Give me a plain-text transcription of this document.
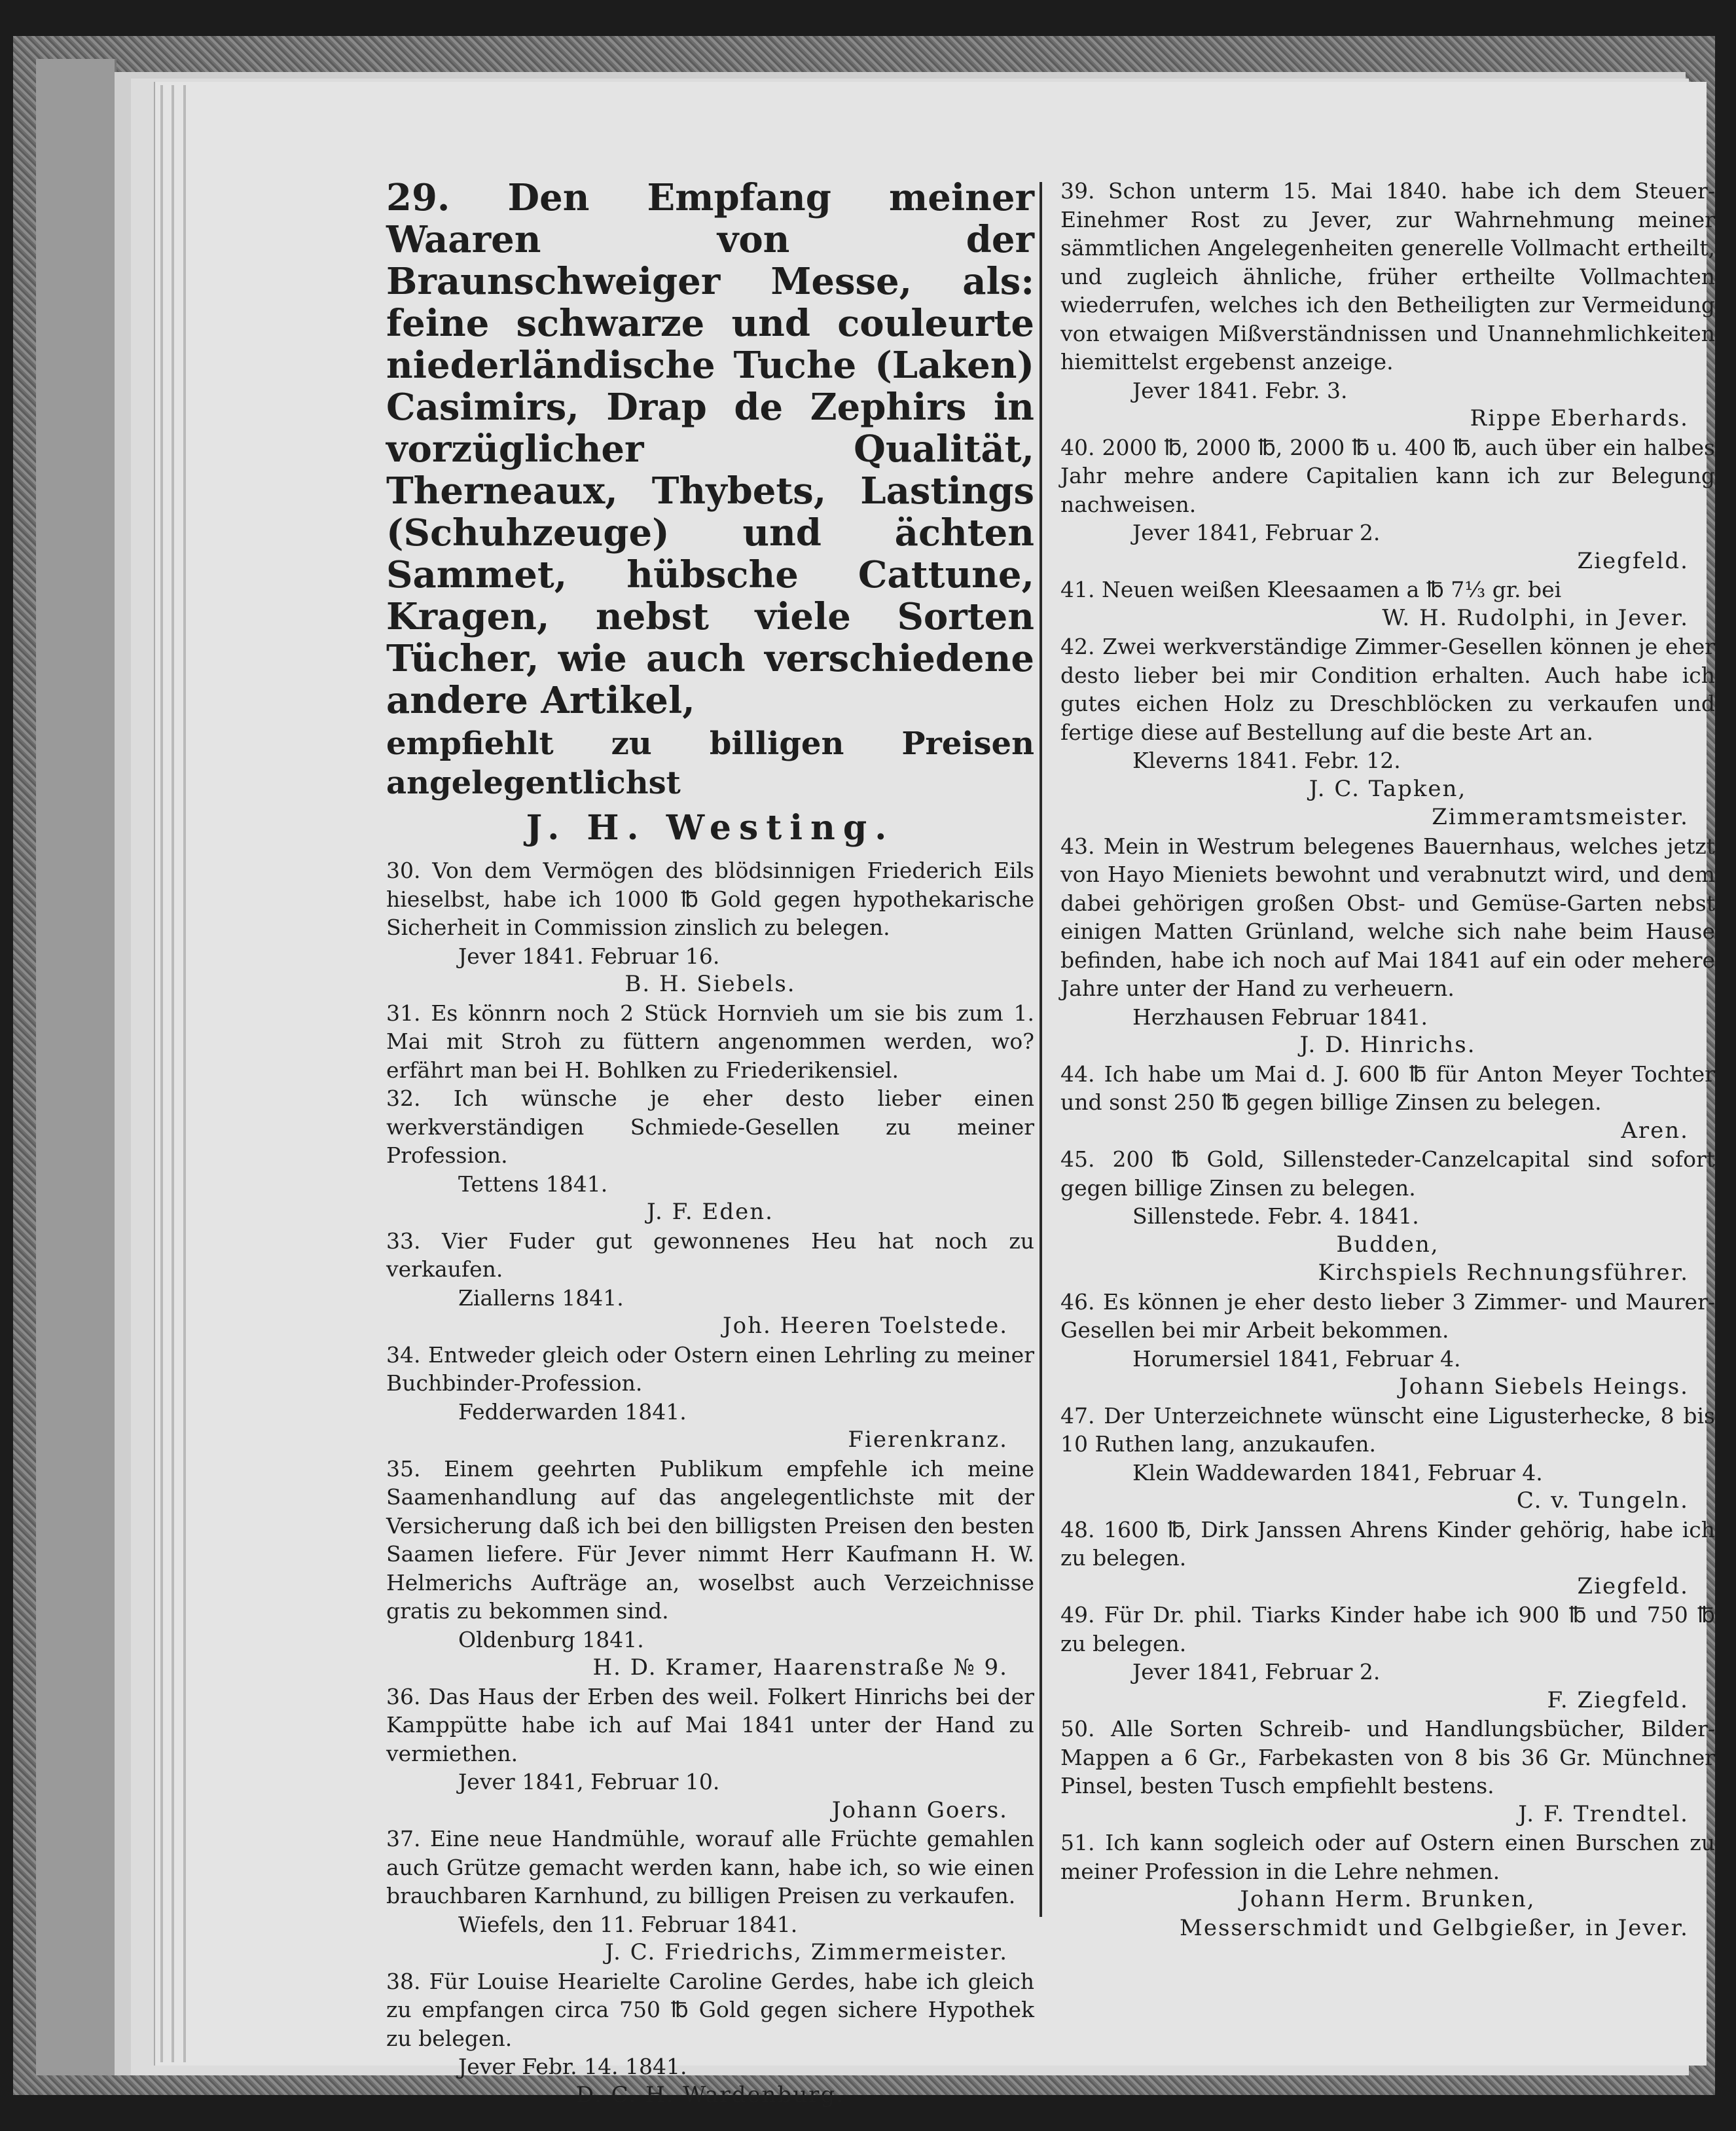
29. Den Empfang meiner Waaren von der Braunschweiger Messe, als: feine schwarze und couleurte niederländische Tuche (Laken) Casimirs, Drap de Zephirs in vorzüglicher Qualität, Therneaux, Thybets, Lastings (Schuhzeuge) und ächten Sammet, hübsche Cattune, Kragen, nebst viele Sorten Tücher, wie auch verschiedene andere Artikel,

empfiehlt zu billigen Preisen angelegentlichst

J. H. Westing.

30. Von dem Vermögen des blödsinnigen Friederich Eils hieselbst, habe ich 1000 ℔ Gold gegen hypothekarische Sicherheit in Commission zinslich zu belegen.

Jever 1841. Februar 16.

B. H. Siebels.

31. Es könnrn noch 2 Stück Hornvieh um sie bis zum 1. Mai mit Stroh zu füttern angenommen werden, wo? erfährt man bei H. Bohlken zu Friederikensiel.

32. Ich wünsche je eher desto lieber einen werkverständigen Schmiede-Gesellen zu meiner Profession.

Tettens 1841.

J. F. Eden.

33. Vier Fuder gut gewonnenes Heu hat noch zu verkaufen.

Ziallerns 1841.

Joh. Heeren Toelstede.

34. Entweder gleich oder Ostern einen Lehrling zu meiner Buchbinder-Profession.

Fedderwarden 1841.

Fierenkranz.

35. Einem geehrten Publikum empfehle ich meine Saamenhandlung auf das angelegentlichste mit der Versicherung daß ich bei den billigsten Preisen den besten Saamen liefere. Für Jever nimmt Herr Kaufmann H. W. Helmerichs Aufträge an, woselbst auch Verzeichnisse gratis zu bekommen sind.

Oldenburg 1841.

H. D. Kramer, Haarenstraße № 9.

36. Das Haus der Erben des weil. Folkert Hinrichs bei der Kamppütte habe ich auf Mai 1841 unter der Hand zu vermiethen.

Jever 1841, Februar 10.

Johann Goers.

37. Eine neue Handmühle, worauf alle Früchte gemahlen auch Grütze gemacht werden kann, habe ich, so wie einen brauchbaren Karnhund, zu billigen Preisen zu verkaufen.

Wiefels, den 11. Februar 1841.

J. C. Friedrichs, Zimmermeister.

38. Für Louise Hearielte Caroline Gerdes, habe ich gleich zu empfangen circa 750 ℔ Gold gegen sichere Hypothek zu belegen.

Jever Febr. 14. 1841.

D. C. H. Wardenburg.

39. Schon unterm 15. Mai 1840. habe ich dem Steuer-Einehmer Rost zu Jever, zur Wahrnehmung meiner sämmtlichen Angelegenheiten generelle Vollmacht ertheilt, und zugleich ähnliche, früher ertheilte Vollmachten wiederrufen, welches ich den Betheiligten zur Vermeidung von etwaigen Mißverständnissen und Unannehmlichkeiten hiemittelst ergebenst anzeige.

Jever 1841. Febr. 3.

Rippe Eberhards.

40. 2000 ℔, 2000 ℔, 2000 ℔ u. 400 ℔, auch über ein halbes Jahr mehre andere Capitalien kann ich zur Belegung nachweisen.

Jever 1841, Februar 2.

Ziegfeld.

41. Neuen weißen Kleesaamen a ℔ 7⅓ gr. bei

W. H. Rudolphi, in Jever.

42. Zwei werkverständige Zimmer-Gesellen können je eher desto lieber bei mir Condition erhalten. Auch habe ich gutes eichen Holz zu Dreschblöcken zu verkaufen und fertige diese auf Bestellung auf die beste Art an.

Kleverns 1841. Febr. 12.

J. C. Tapken,

Zimmeramtsmeister.

43. Mein in Westrum belegenes Bauernhaus, welches jetzt von Hayo Mieniets bewohnt und verabnutzt wird, und dem dabei gehörigen großen Obst- und Gemüse-Garten nebst einigen Matten Grünland, welche sich nahe beim Hause befinden, habe ich noch auf Mai 1841 auf ein oder mehere Jahre unter der Hand zu verheuern.

Herzhausen Februar 1841.

J. D. Hinrichs.

44. Ich habe um Mai d. J. 600 ℔ für Anton Meyer Tochter und sonst 250 ℔ gegen billige Zinsen zu belegen.

Aren.

45. 200 ℔ Gold, Sillensteder-Canzelcapital sind sofort gegen billige Zinsen zu belegen.

Sillenstede. Febr. 4. 1841.

Budden,

Kirchspiels Rechnungsführer.

46. Es können je eher desto lieber 3 Zimmer- und Maurer-Gesellen bei mir Arbeit bekommen.

Horumersiel 1841, Februar 4.

Johann Siebels Heings.

47. Der Unterzeichnete wünscht eine Ligusterhecke, 8 bis 10 Ruthen lang, anzukaufen.

Klein Waddewarden 1841, Februar 4.

C. v. Tungeln.

48. 1600 ℔, Dirk Janssen Ahrens Kinder gehörig, habe ich zu belegen.

Ziegfeld.

49. Für Dr. phil. Tiarks Kinder habe ich 900 ℔ und 750 ℔ zu belegen.

Jever 1841, Februar 2.

F. Ziegfeld.

50. Alle Sorten Schreib- und Handlungsbücher, Bilder-Mappen a 6 Gr., Farbekasten von 8 bis 36 Gr. Münchner Pinsel, besten Tusch empfiehlt bestens.

J. F. Trendtel.

51. Ich kann sogleich oder auf Ostern einen Burschen zu meiner Profession in die Lehre nehmen.

Johann Herm. Brunken,

Messerschmidt und Gelbgießer, in Jever.
